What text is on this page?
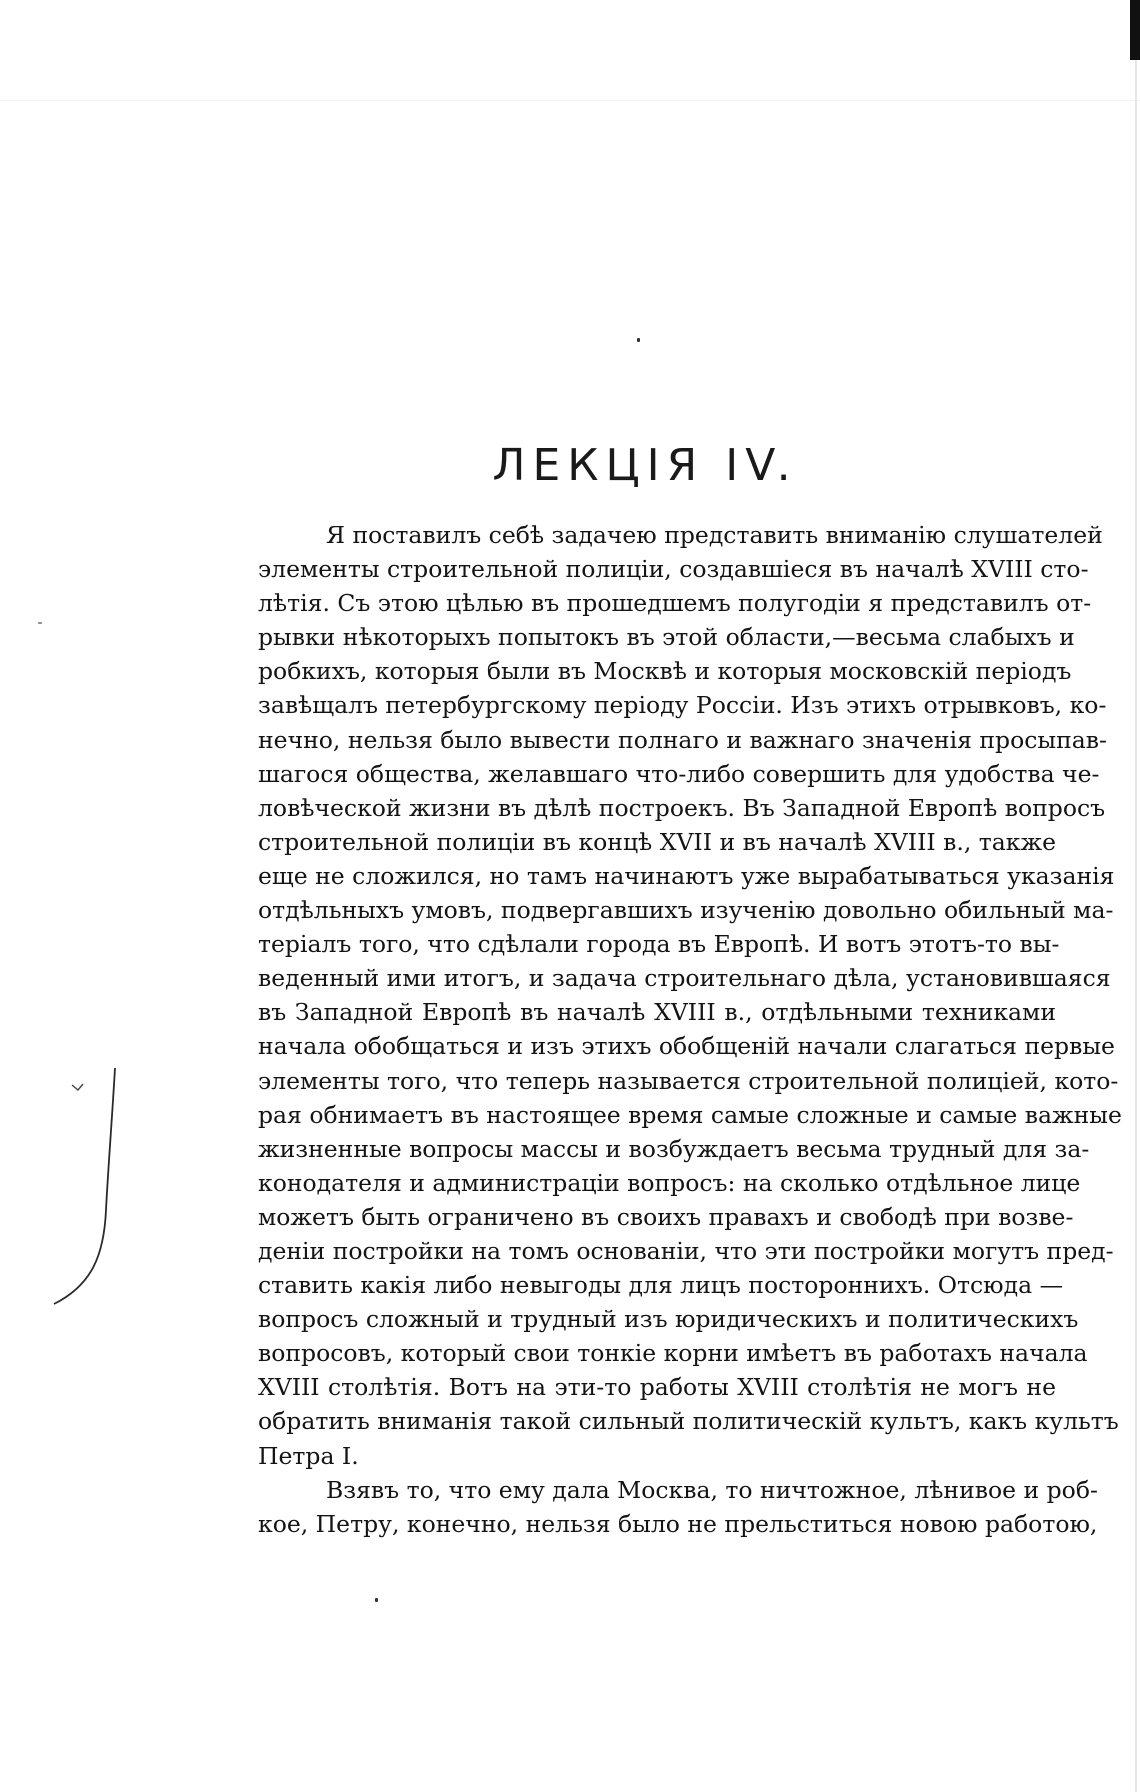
ЛЕКЦІЯ IV.
Я поставилъ себѣ задачею представить вниманію слушателей
элементы строительной полиціи, создавшіеся въ началѣ XVIII сто-
лѣтія. Съ этою цѣлью въ прошедшемъ полугодіи я представилъ от-
рывки нѣкоторыхъ попытокъ въ этой области,—весьма слабыхъ и
робкихъ, которыя были въ Москвѣ и которыя московскій періодъ
завѣщалъ петербургскому періоду Россіи. Изъ этихъ отрывковъ, ко-
нечно, нельзя было вывести полнаго и важнаго значенія просыпав-
шагося общества, желавшаго что-либо совершить для удобства че-
ловѣческой жизни въ дѣлѣ построекъ. Въ Западной Европѣ вопросъ
строительной полиціи въ концѣ XVII и въ началѣ XVIII в., также
еще не сложился, но тамъ начинаютъ уже вырабатываться указанія
отдѣльныхъ умовъ, подвергавшихъ изученію довольно обильный ма-
теріалъ того, что сдѣлали города въ Европѣ. И вотъ этотъ-то вы-
веденный ими итогъ, и задача строительнаго дѣла, установившаяся
въ Западной Европѣ въ началѣ XVIII в., отдѣльными техниками
начала обобщаться и изъ этихъ обобщеній начали слагаться первые
элементы того, что теперь называется строительной полиціей, кото-
рая обнимаетъ въ настоящее время самые сложные и самые важные
жизненные вопросы массы и возбуждаетъ весьма трудный для за-
конодателя и администраціи вопросъ: на сколько отдѣльное лице
можетъ быть ограничено въ своихъ правахъ и свободѣ при возве-
деніи постройки на томъ основаніи, что эти постройки могутъ пред-
ставить какія либо невыгоды для лицъ постороннихъ. Отсюда —
вопросъ сложный и трудный изъ юридическихъ и политическихъ
вопросовъ, который свои тонкіе корни имѣетъ въ работахъ начала
XVIII столѣтія. Вотъ на эти-то работы XVIII столѣтія не могъ не
обратить вниманія такой сильный политическій культъ, какъ культъ
Петра I.
Взявъ то, что ему дала Москва, то ничтожное, лѣнивое и роб-
кое, Петру, конечно, нельзя было не прельститься новою работою,
